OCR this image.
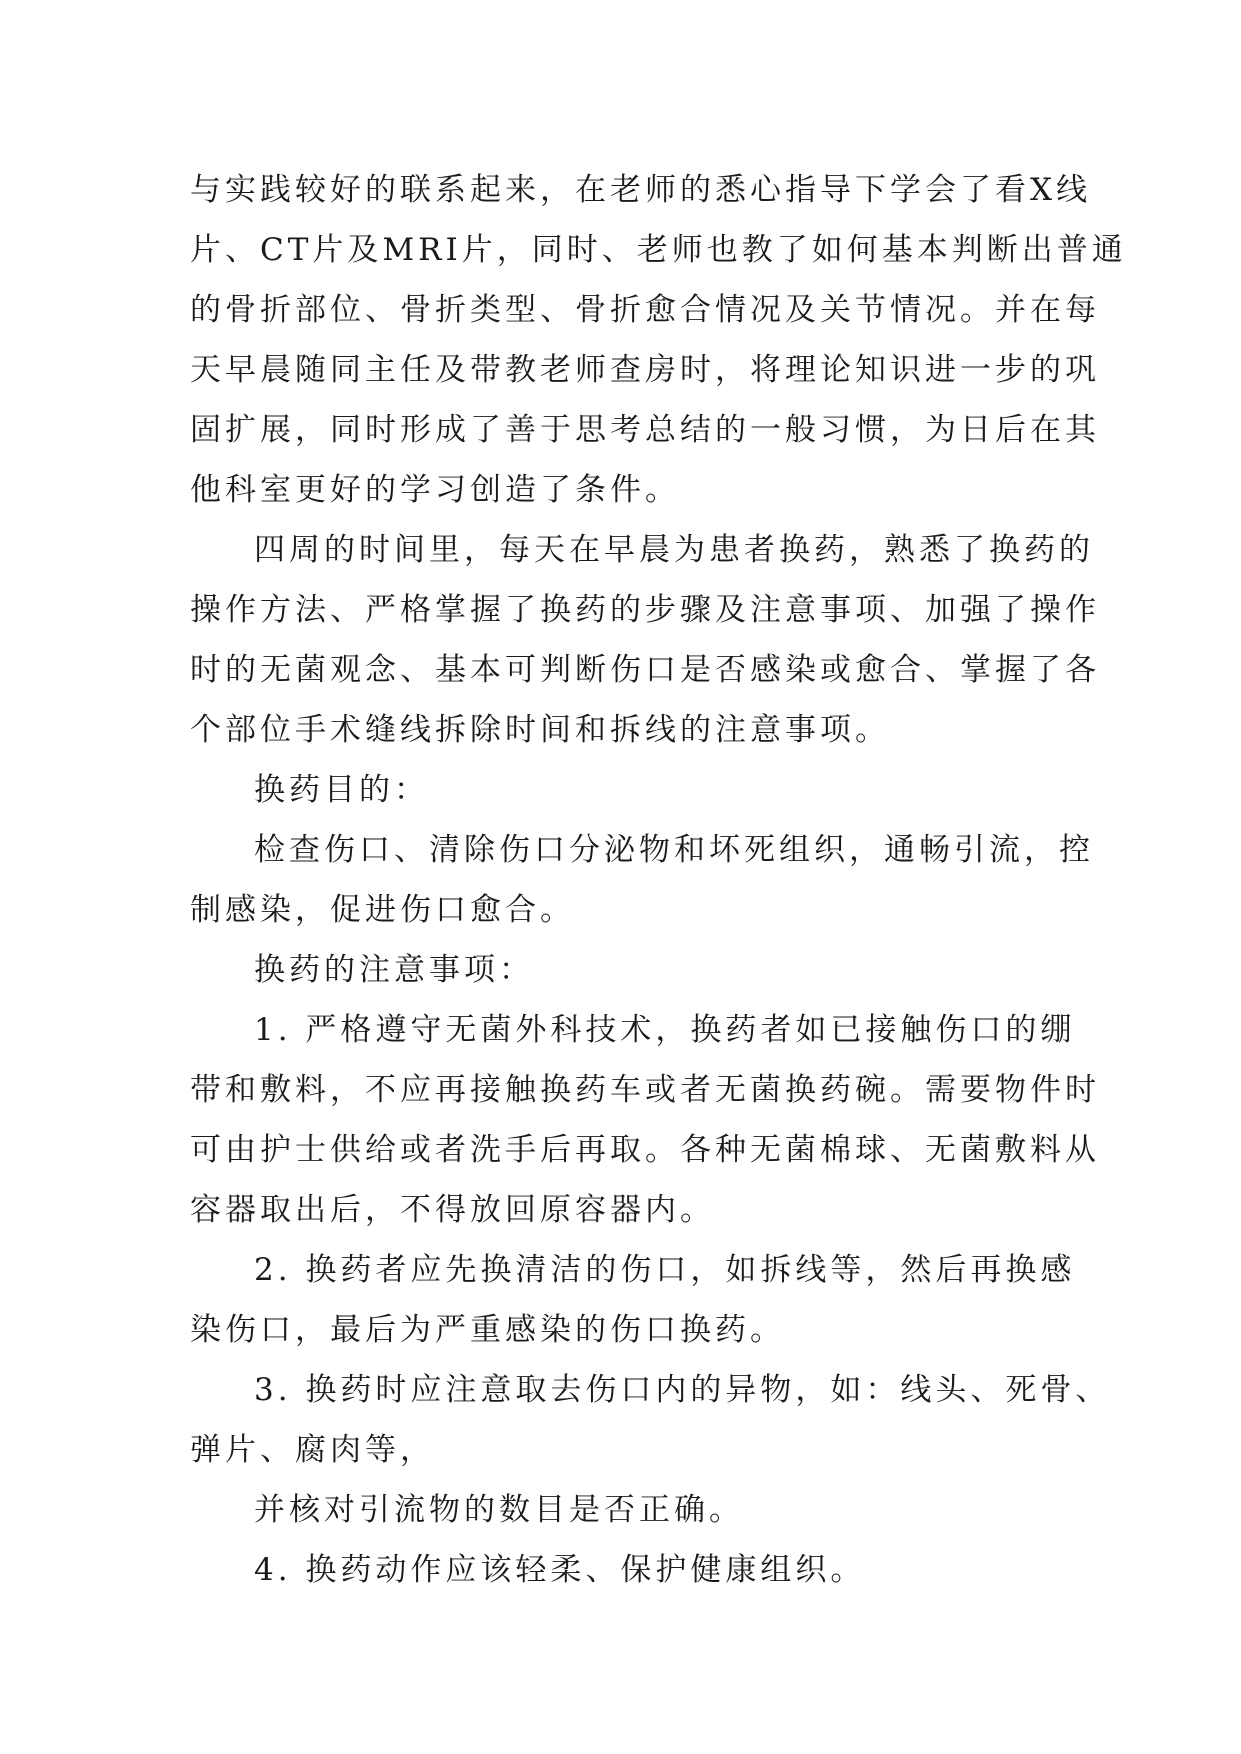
与实践较好的联系起来，在老师的悉心指导下学会了看X线
片、CT片及MRI片，同时、老师也教了如何基本判断出普通
的骨折部位、骨折类型、骨折愈合情况及关节情况。并在每
天早晨随同主任及带教老师查房时，将理论知识进一步的巩
固扩展，同时形成了善于思考总结的一般习惯，为日后在其
他科室更好的学习创造了条件。
四周的时间里，每天在早晨为患者换药，熟悉了换药的
操作方法、严格掌握了换药的步骤及注意事项、加强了操作
时的无菌观念、基本可判断伤口是否感染或愈合、掌握了各
个部位手术缝线拆除时间和拆线的注意事项。
换药目的：
检查伤口、清除伤口分泌物和坏死组织，通畅引流，控
制感染，促进伤口愈合。
换药的注意事项：
1. 严格遵守无菌外科技术，换药者如已接触伤口的绷
带和敷料，不应再接触换药车或者无菌换药碗。需要物件时
可由护士供给或者洗手后再取。各种无菌棉球、无菌敷料从
容器取出后，不得放回原容器内。
2. 换药者应先换清洁的伤口，如拆线等，然后再换感
染伤口，最后为严重感染的伤口换药。
3. 换药时应注意取去伤口内的异物，如：线头、死骨、
弹片、腐肉等，
并核对引流物的数目是否正确。
4. 换药动作应该轻柔、保护健康组织。
